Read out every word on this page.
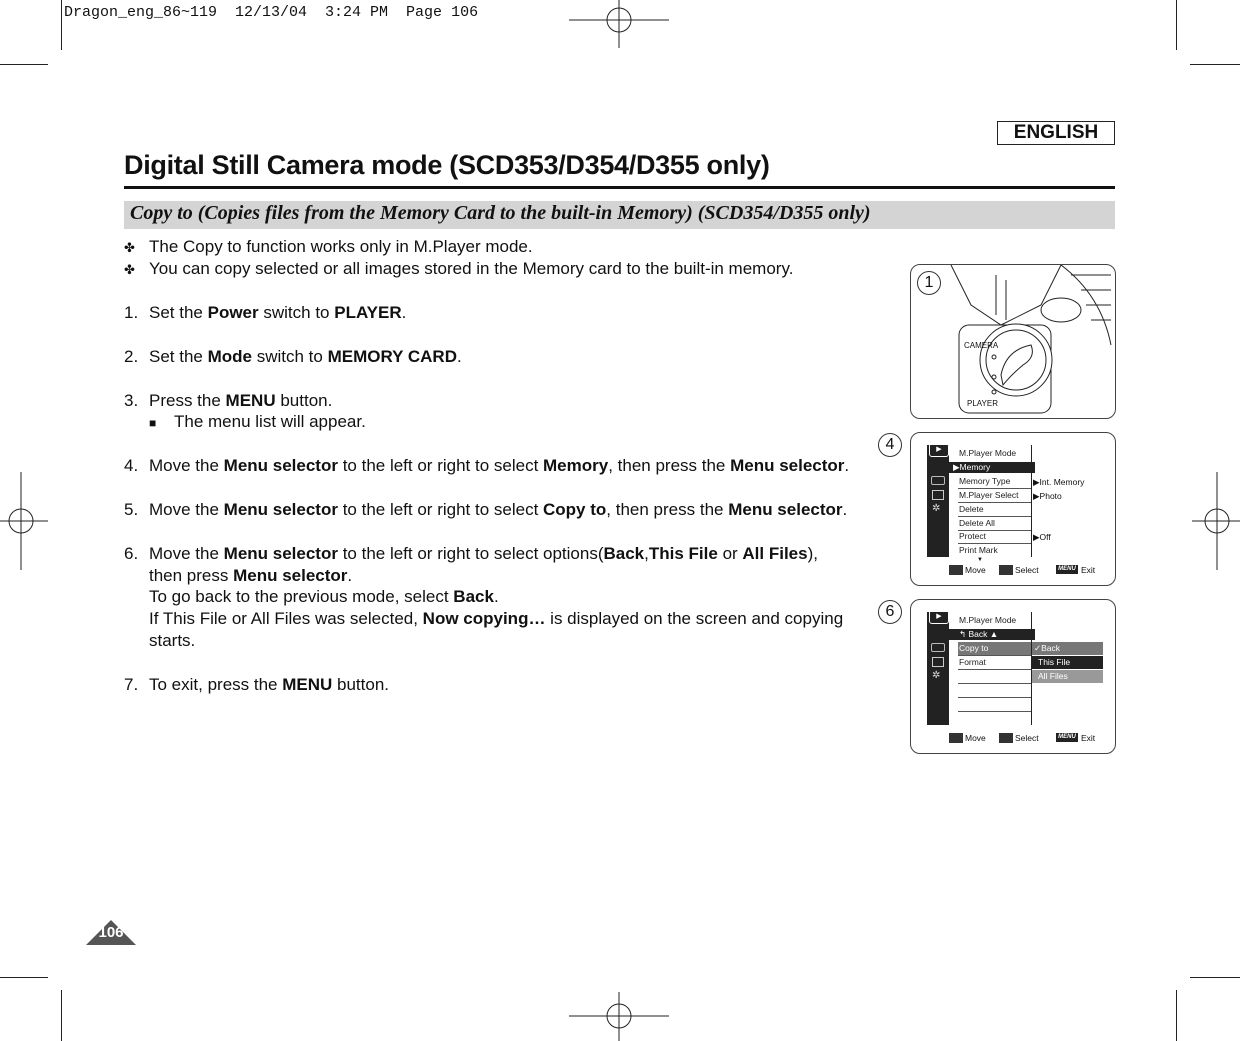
Dragon_eng_86~119  12/13/04  3:24 PM  Page 106
ENGLISH
Digital Still Camera mode (SCD353/D354/D355 only)
Copy to (Copies files from the Memory Card to the built-in Memory) (SCD354/D355 only)
✤ The Copy to function works only in M.Player mode.
✤ You can copy selected or all images stored in the Memory card to the built-in memory.
1. Set the Power switch to PLAYER.
2. Set the Mode switch to MEMORY CARD.
3. Press the MENU button.
■ The menu list will appear.
4. Move the Menu selector to the left or right to select Memory, then press the Menu selector.
5. Move the Menu selector to the left or right to select Copy to, then press the Menu selector.
6. Move the Menu selector to the left or right to select options(Back,This File or All Files),
then press Menu selector.
To go back to the previous mode, select Back.
If This File or All Files was selected, Now copying… is displayed on the screen and copying
starts.
7. To exit, press the MENU button.
CAMERA
PLAYER
1
4	▶
✲
M.Player Mode
▶Memory
Memory Type
M.Player Select
Delete
Delete All
Protect
Print Mark
▼
▶Int. Memory
▶Photo
▶Off
Move	Select	MENU Exit
6	▶
✲
M.Player Mode
↰ Back ▲
Copy to
Format
✓Back
This File
All Files
Move	Select	MENU Exit
106
